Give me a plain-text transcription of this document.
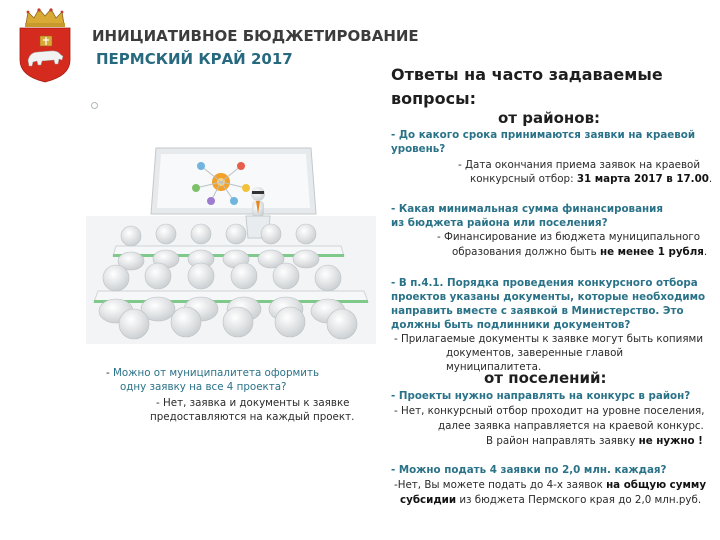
ИНИЦИАТИВНОЕ БЮДЖЕТИРОВАНИЕ
ПЕРМСКИЙ КРАЙ 2017
- Можно от муниципалитета оформить
одну заявку на все 4 проекта?
- Нет, заявка и документы к заявке
предоставляются на каждый проект.
Ответы на часто задаваемые
вопросы:
от районов:
- До какого срока принимаются заявки на краевой
уровень?
- Дата окончания приема заявок на краевой
конкурсный отбор: 31 марта 2017 в 17.00.
- Какая минимальная сумма финансирования
из бюджета района или поселения?
- Финансирование из бюджета муниципального
образования должно быть не менее 1 рубля.
- В п.4.1. Порядка проведения конкурсного отбора
проектов указаны документы, которые необходимо
направить вместе с заявкой в Министерство. Это
должны быть подлинники документов?
- Прилагаемые документы к заявке могут быть копиями
документов, заверенные главой муниципалитета.
от поселений:
- Проекты нужно направлять на конкурс в район?
- Нет, конкурсный отбор проходит на уровне поселения,
далее заявка направляется на краевой конкурс.
В район направлять заявку не нужно !
- Можно подать 4 заявки по 2,0 млн. каждая?
-Нет, Вы можете подать до 4-х заявок на общую сумму
субсидии из бюджета Пермского края до 2,0 млн.руб.
